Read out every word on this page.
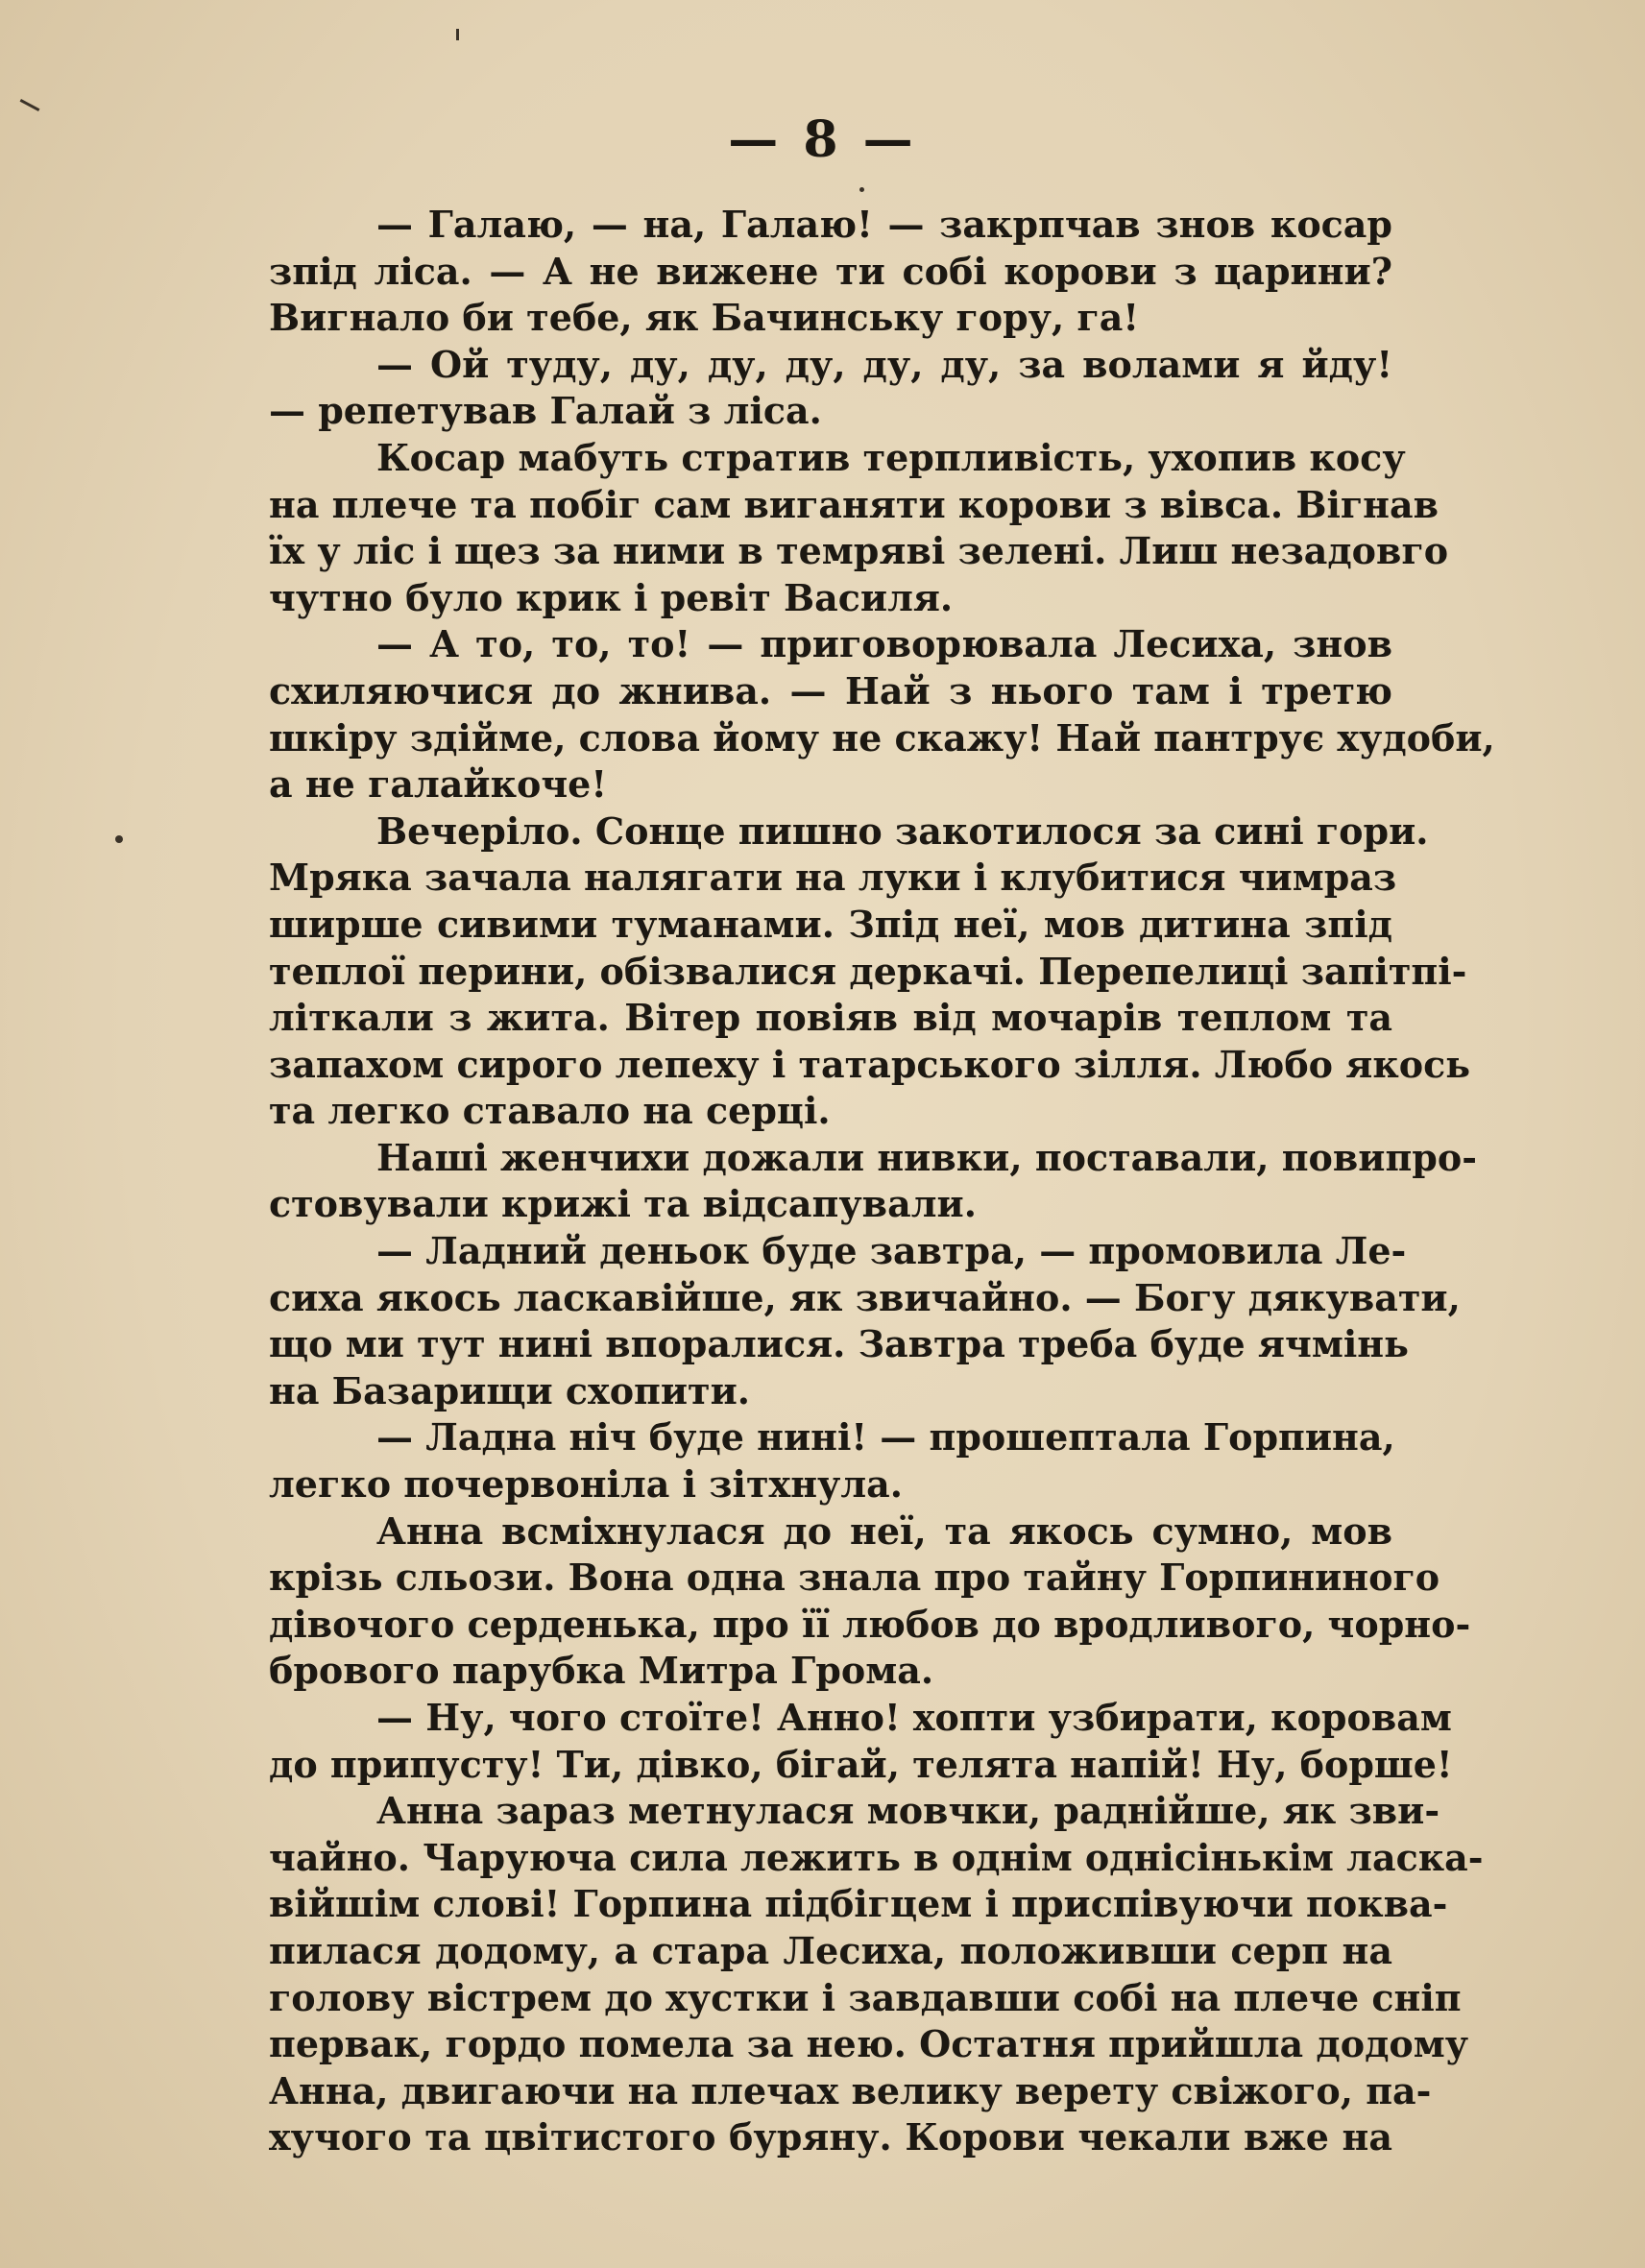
— 8 —
— Галаю, — на, Галаю! — закрпчав знов косар
зпід ліса. — А не вижене ти собі корови з царини?
Вигнало би тебе, як Бачинську гору, га!
— Ой туду, ду, ду, ду, ду, ду, за волами я йду!
— репетував Галай з ліса.
Косар мабуть стратив терпливість, ухопив косу
на плече та побіг сам виганяти корови з вівса. Вігнав
їх у ліс і щез за ними в темряві зелені. Лиш незадовго
чутно було крик і ревіт Василя.
— А то, то, то! — приговорювала Лесиха, знов
схиляючися до жнива. — Най з нього там і третю
шкіру здійме, слова йому не скажу! Най пантрує худоби,
а не галайкоче!
Вечеріло. Сонце пишно закотилося за сині гори.
Мряка зачала налягати на луки і клубитися чимраз
ширше сивими туманами. Зпід неї, мов дитина зпід
теплої перини, обізвалися деркачі. Перепелиці запітпі-
літкали з жита. Вітер повіяв від мочарів теплом та
запахом сирого лепеху і татарського зілля. Любо якось
та легко ставало на серці.
Наші женчихи дожали нивки, поставали, повипро-
стовували крижі та відсапували.
— Ладний деньок буде завтра, — промовила Ле-
сиха якось ласкавійше, як звичайно. — Богу дякувати,
що ми тут нині впоралися. Завтра треба буде ячмінь
на Базарищи схопити.
— Ладна ніч буде нині! — прошептала Горпина,
легко почервоніла і зітхнула.
Анна всміхнулася до неї, та якось сумно, мов
крізь сльози. Вона одна знала про тайну Горпининого
дівочого серденька, про її любов до вродливого, чорно-
брового парубка Митра Грома.
— Ну, чого стоїте! Анно! хопти узбирати, коровам
до припусту! Ти, дівко, бігай, телята напій! Ну, борше!
Анна зараз метнулася мовчки, раднійше, як зви-
чайно. Чаруюча сила лежить в однім однісінькім ласка-
війшім слові! Горпина підбігцем і приспівуючи поква-
пилася додому, а стара Лесиха, положивши серп на
голову вістрем до хустки і завдавши собі на плече сніп
первак, гордо помела за нею. Остатня прийшла додому
Анна, двигаючи на плечах велику верету свіжого, па-
хучого та цвітистого буряну. Корови чекали вже на
